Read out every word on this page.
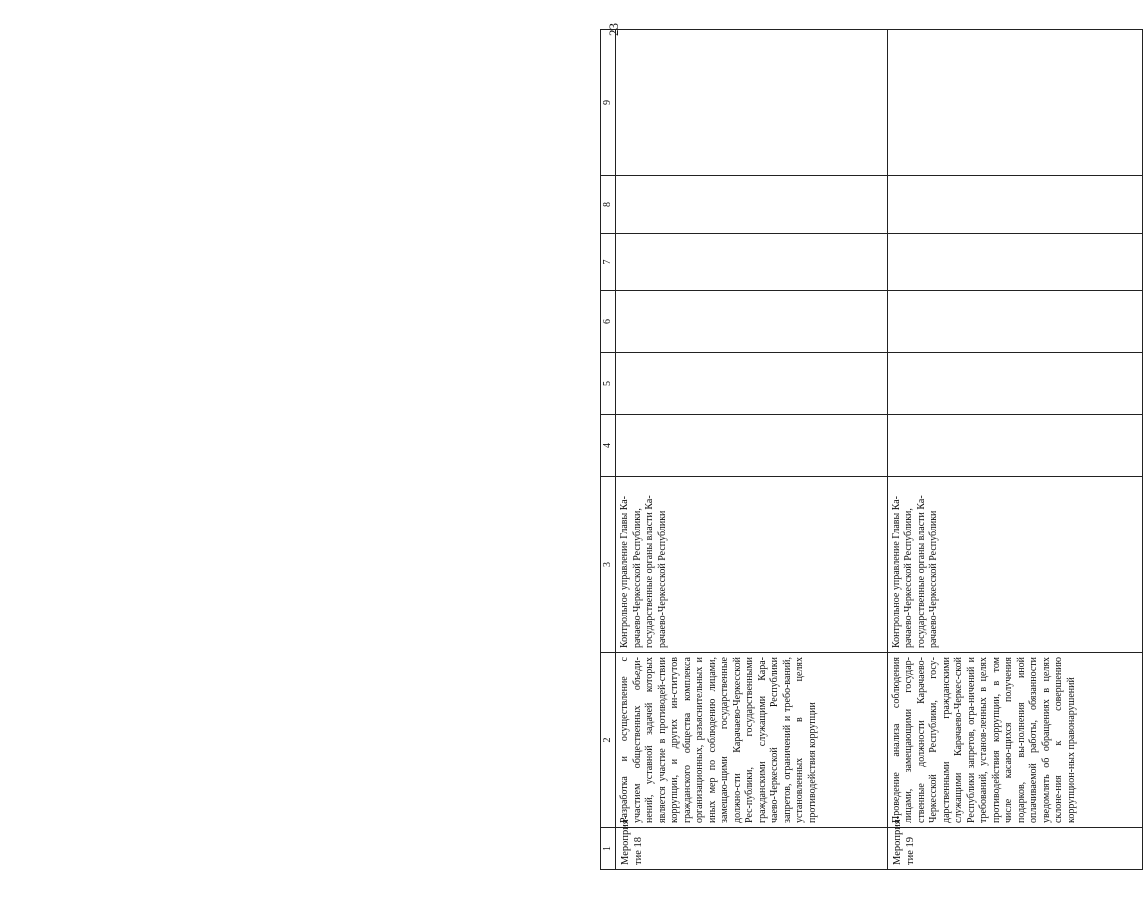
23
1	2	3	4	5	6	7	8	9
Мероприя-тие 18	Разработка и осуществление с участием общественных объеди-нений, уставной задачей которых является участие в противодей-ствии коррупции, и других ин-ститутов гражданского общества комплекса организационных, разъяснительных и иных мер по соблюдению лицами, замещаю-щими государственные должно-сти Карачаево-Черкесской Рес-публики, государственными гражданскими служащими Кара-чаево-Черкесской Республики запретов, ограничений и требо-ваний, установленных в целях противодействия коррупции	Контрольное управление Главы Ка-рачаево-Черкесской Республики, государственные органы власти Ка-рачаево-Черкесской Республики						
Мероприя-тие 19	Проведение анализа соблюдения лицами, замещающими государ-ственные должности Карачаево-Черкесской Республики, госу-дарственными гражданскими служащими Карачаево-Черкес-ской Республики запретов, огра-ничений и требований, установ-ленных в целях противодействия коррупции, в том числе касаю-щихся получения подарков, вы-полнения иной оплачиваемой работы, обязанности уведомлять об обращениях в целях склоне-ния к совершению коррупцион-ных правонарушений	Контрольное управление Главы Ка-рачаево-Черкесской Республики, государственные органы власти Ка-рачаево-Черкесской Республики						
